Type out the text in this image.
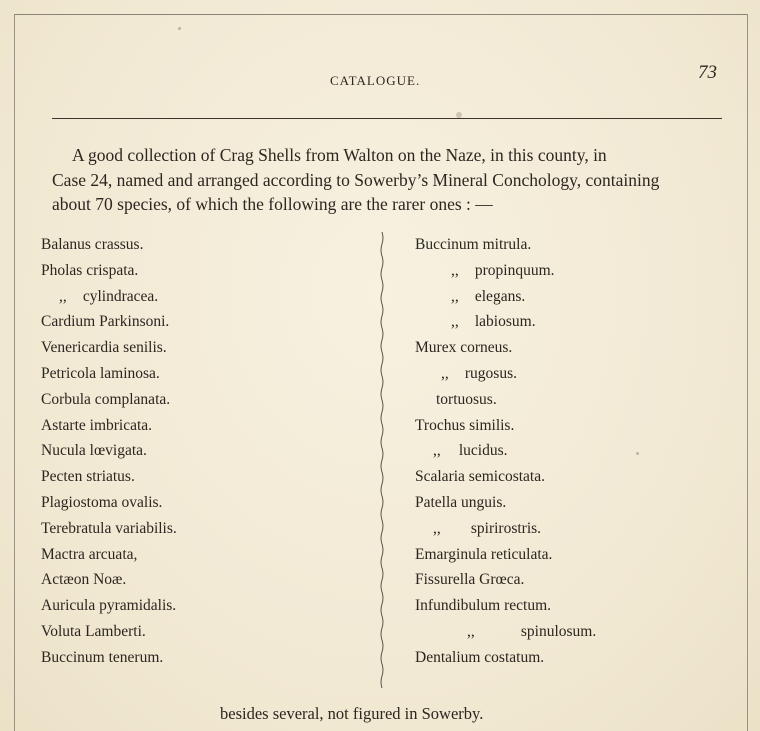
CATALOGUE.	73
A good collection of Crag Shells from Walton on the Naze, in this county, in
Case 24, named and arranged according to Sowerby’s Mineral Conchology, containing
about 70 species, of which the following are the rarer ones : —
Balanus crassus.
Pholas crispata.
,, cylindracea.
Cardium Parkinsoni.
Venericardia senilis.
Petricola laminosa.
Corbula complanata.
Astarte imbricata.
Nucula lœvigata.
Pecten striatus.
Plagiostoma ovalis.
Terebratula variabilis.
Mactra arcuata,
Actæon Noæ.
Auricula pyramidalis.
Voluta Lamberti.
Buccinum tenerum.
Buccinum mitrula.
,, propinquum.
,, elegans.
,, labiosum.
Murex corneus.
,, rugosus.
tortuosus.
Trochus similis.
,, lucidus.
Scalaria semicostata.
Patella unguis.
,, spirirostris.
Emarginula reticulata.
Fissurella Grœca.
Infundibulum rectum.
,,	spinulosum.
Dentalium costatum.
besides several, not figured in Sowerby.
